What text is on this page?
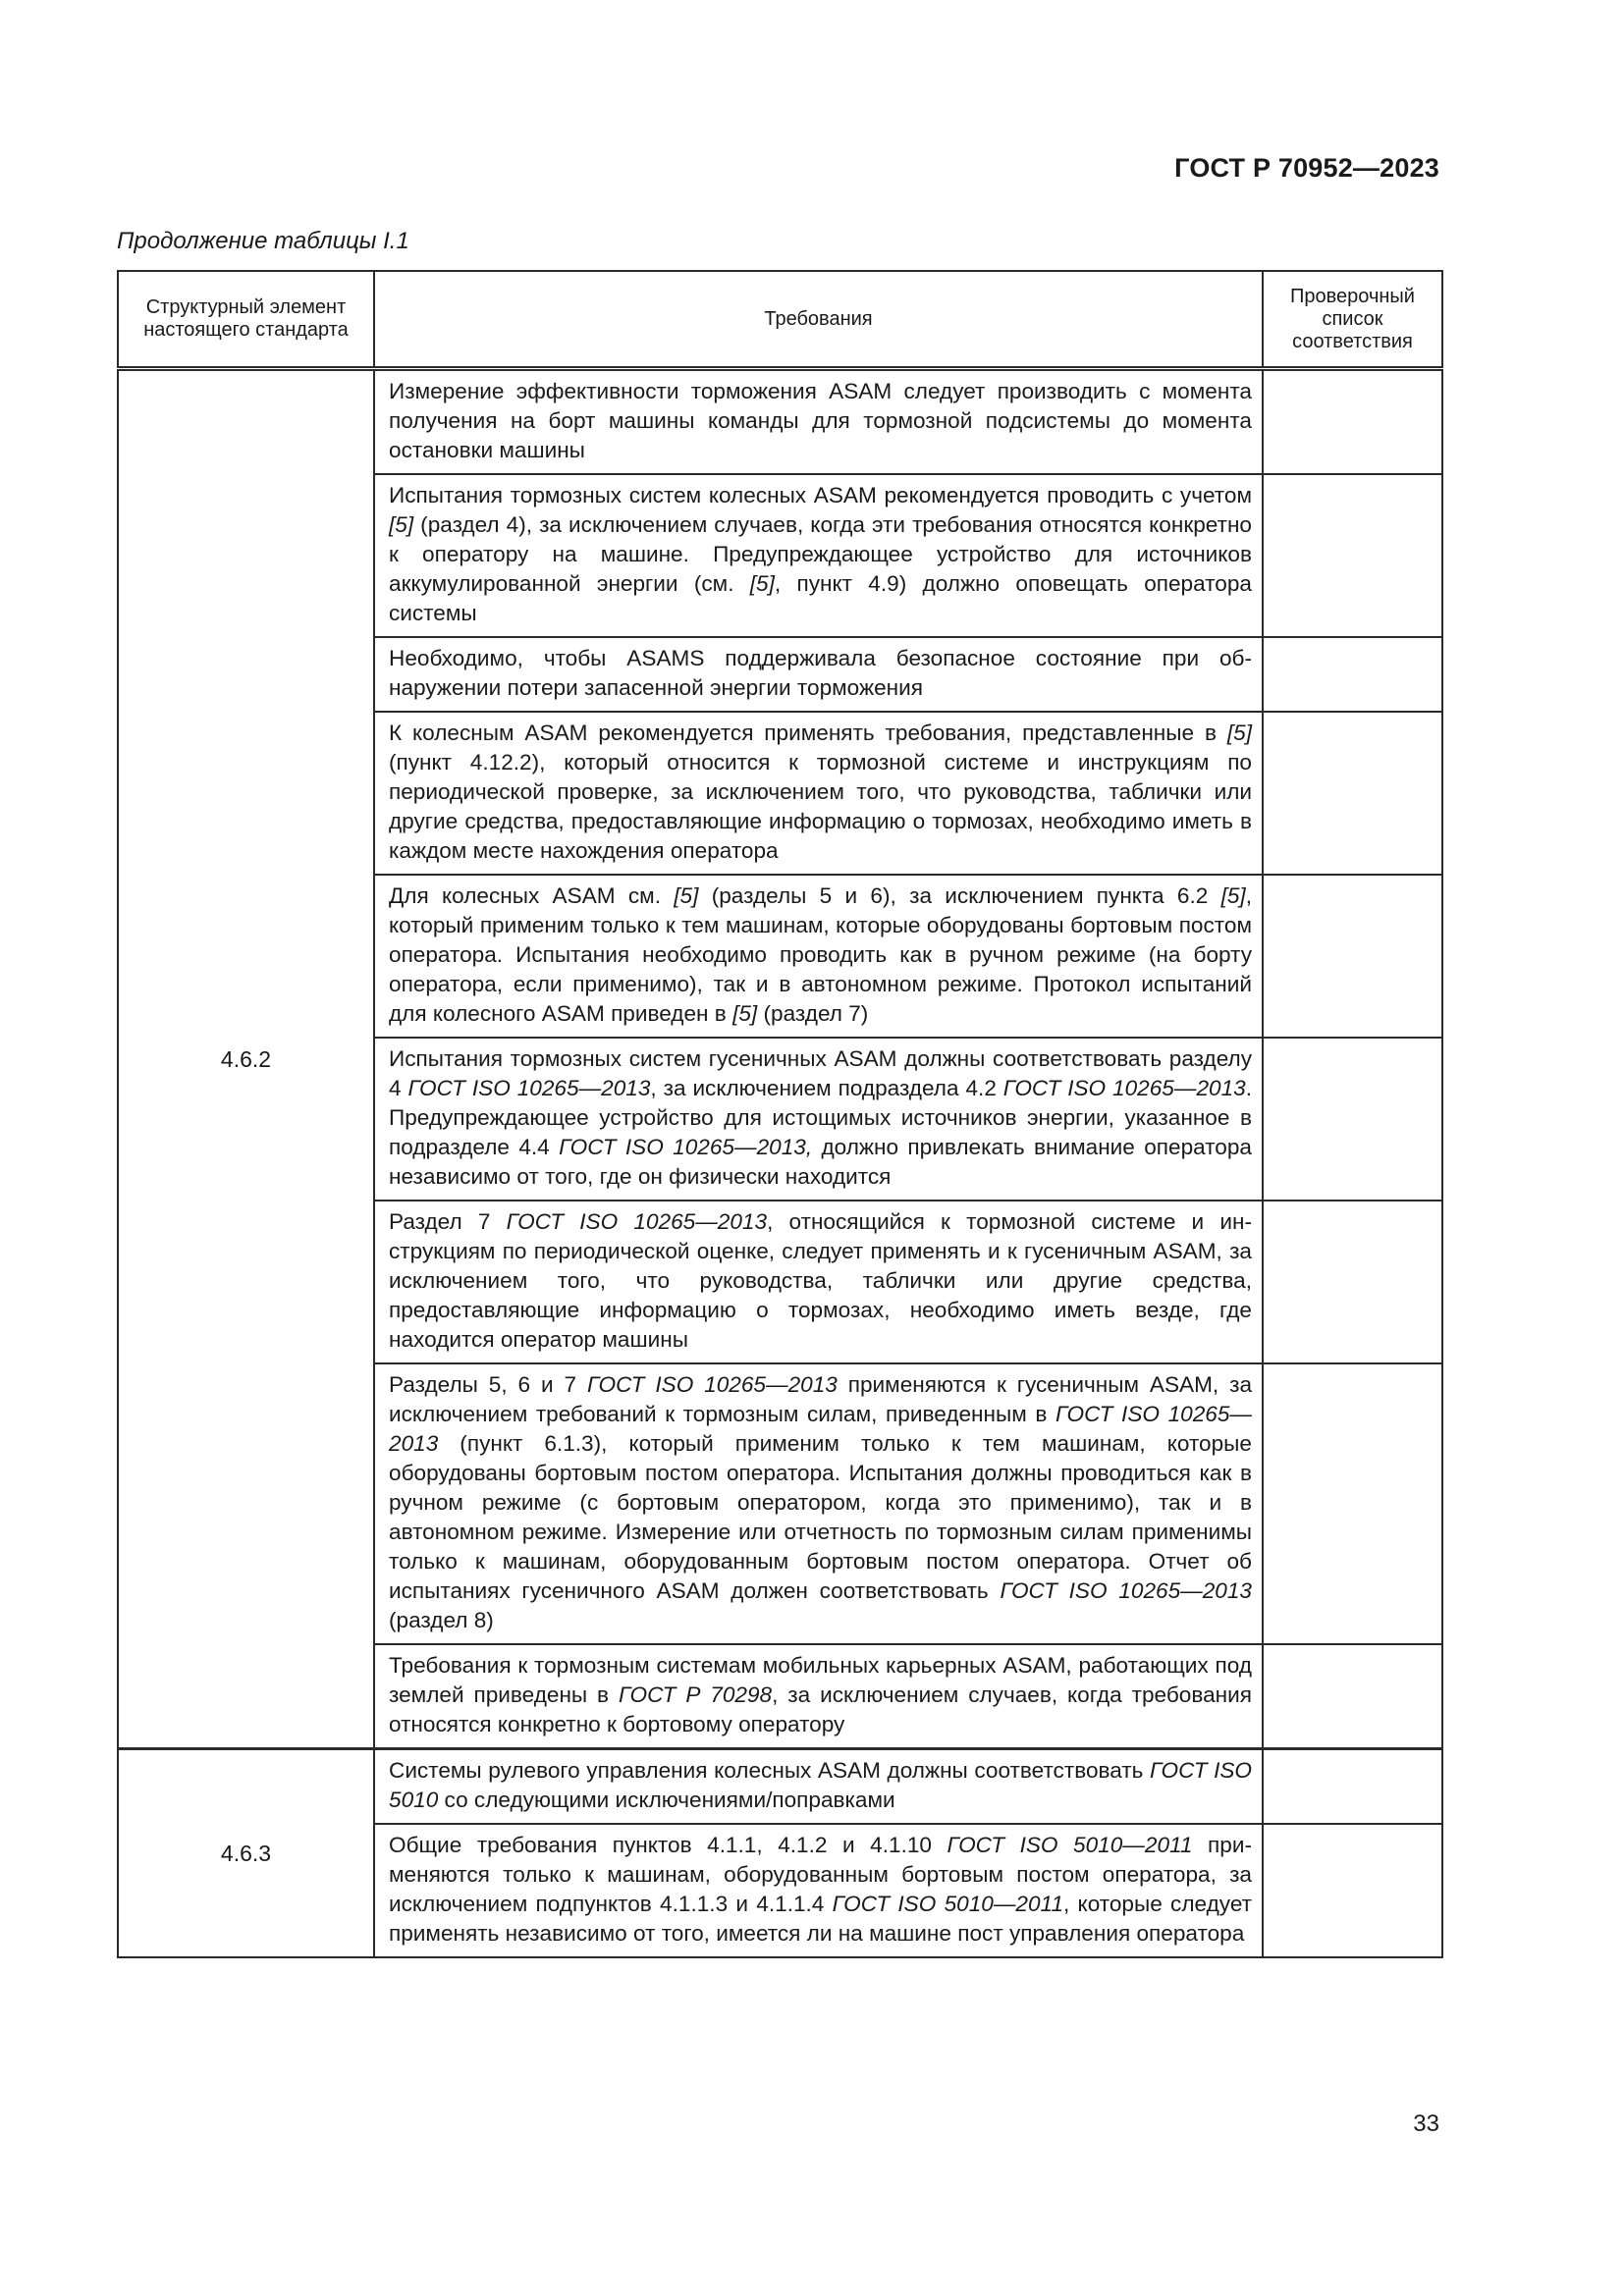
ГОСТ Р 70952—2023
Продолжение таблицы I.1
Структурный элемент настоящего стандарта	Требования	Проверочный список соответствия
4.6.2	Измерение эффективности торможения ASAM следует производить с момента получения на борт машины команды для тормозной подсистемы до момента остановки машины	
	Испытания тормозных систем колесных ASAM рекомендуется проводить с учетом [5] (раздел 4), за исключением случаев, когда эти требования относятся конкретно к оператору на машине. Предупреждающее устройство для источников аккумулированной энергии (см. [5], пункт 4.9) должно оповещать оператора системы	
	Необходимо, чтобы ASAMS поддерживала безопасное состояние при обнаружении потери запасенной энергии торможения	
	К колесным ASAM рекомендуется применять требования, представленные в [5] (пункт 4.12.2), который относится к тормозной системе и инструкциям по периодической проверке, за исключением того, что руководства, таблички или другие средства, предоставляющие информацию о тормозах, необходимо иметь в каждом месте нахождения оператора	
	Для колесных ASAM см. [5] (разделы 5 и 6), за исключением пункта 6.2 [5], который применим только к тем машинам, которые оборудованы бортовым постом оператора. Испытания необходимо проводить как в ручном режиме (на борту оператора, если применимо), так и в автономном режиме. Протокол испытаний для колесного ASAM приведен в [5] (раздел 7)	
	Испытания тормозных систем гусеничных ASAM должны соответствовать разделу 4 ГОСТ ISO 10265—2013, за исключением подраздела 4.2 ГОСТ ISO 10265—2013. Предупреждающее устройство для истощимых источников энергии, указанное в подразделе 4.4 ГОСТ ISO 10265—2013, должно привлекать внимание оператора независимо от того, где он физически находится	
	Раздел 7 ГОСТ ISO 10265—2013, относящийся к тормозной системе и инструкциям по периодической оценке, следует применять и к гусеничным ASAM, за исключением того, что руководства, таблички или другие средства, предоставляющие информацию о тормозах, необходимо иметь везде, где находится оператор машины	
	Разделы 5, 6 и 7 ГОСТ ISO 10265—2013 применяются к гусеничным ASAM, за исключением требований к тормозным силам, приведенным в ГОСТ ISO 10265—2013 (пункт 6.1.3), который применим только к тем машинам, которые оборудованы бортовым постом оператора. Испытания должны проводиться как в ручном режиме (с бортовым оператором, когда это применимо), так и в автономном режиме. Измерение или отчетность по тормозным силам применимы только к машинам, оборудованным бортовым постом оператора. Отчет об испытаниях гусеничного ASAM должен соответствовать ГОСТ ISO 10265—2013 (раздел 8)	
	Требования к тормозным системам мобильных карьерных ASAM, работающих под землей приведены в ГОСТ Р 70298, за исключением случаев, когда требования относятся конкретно к бортовому оператору	
4.6.3	Системы рулевого управления колесных ASAM должны соответствовать ГОСТ ISO 5010 со следующими исключениями/поправками	
	Общие требования пунктов 4.1.1, 4.1.2 и 4.1.10 ГОСТ ISO 5010—2011 применяются только к машинам, оборудованным бортовым постом оператора, за исключением подпунктов 4.1.1.3 и 4.1.1.4 ГОСТ ISO 5010—2011, которые следует применять независимо от того, имеется ли на машине пост управления оператора	
33
